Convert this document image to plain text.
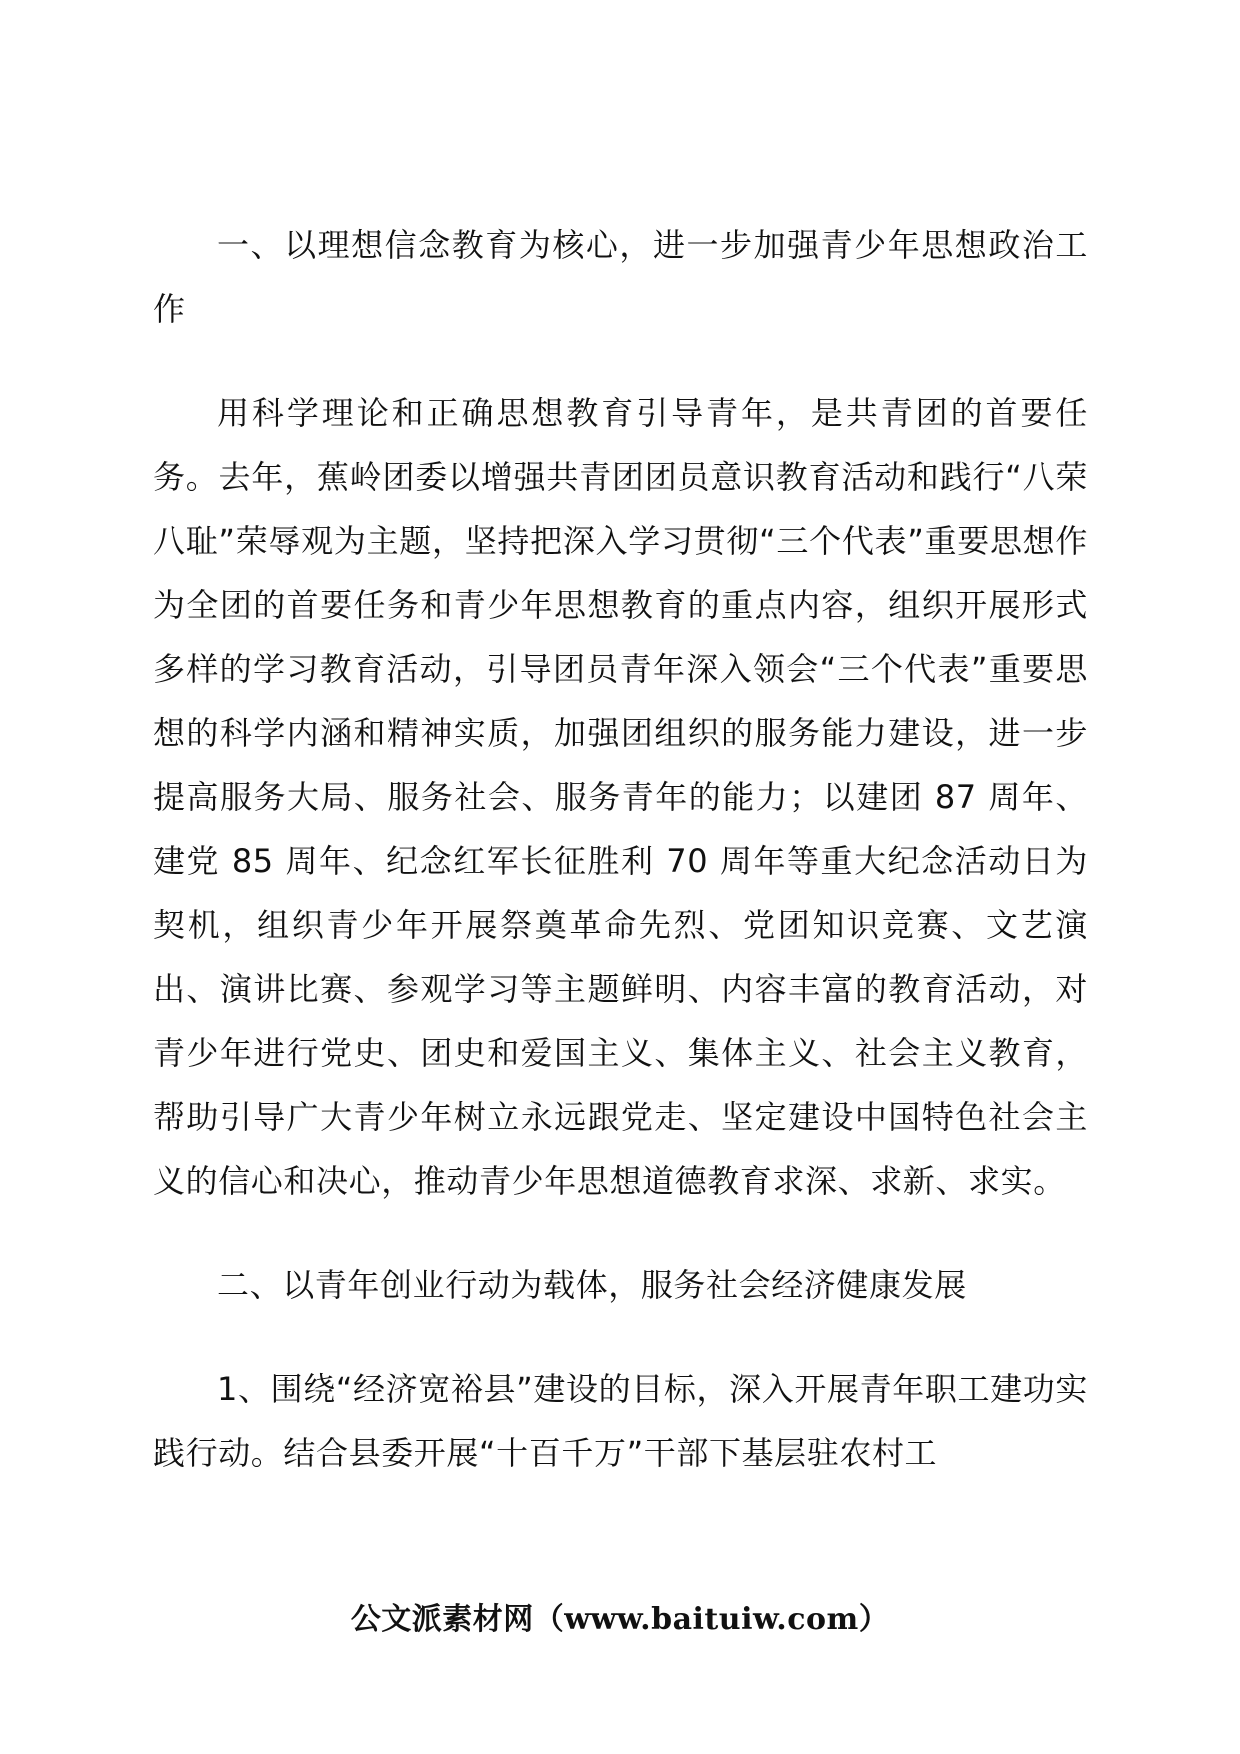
一、以理想信念教育为核心，进一步加强青少年思想政治工作

用科学理论和正确思想教育引导青年，是共青团的首要任务。去年，蕉岭团委以增强共青团团员意识教育活动和践行“八荣八耻”荣辱观为主题，坚持把深入学习贯彻“三个代表”重要思想作为全团的首要任务和青少年思想教育的重点内容，组织开展形式多样的学习教育活动，引导团员青年深入领会“三个代表”重要思想的科学内涵和精神实质，加强团组织的服务能力建设，进一步提高服务大局、服务社会、服务青年的能力；以建团 87 周年、 建党 85 周年、纪念红军长征胜利 70 周年等重大纪念活动日为契机，组织青少年开展祭奠革命先烈、党团知识竞赛、文艺演出、演讲比赛、参观学习等主题鲜明、内容丰富的教育活动，对青少年进行党史、团史和爱国主义、集体主义、社会主义教育，帮助引导广大青少年树立永远跟党走、坚定建设中国特色社会主义的信心和决心，推动青少年思想道德教育求深、求新、求实。

二、以青年创业行动为载体，服务社会经济健康发展

1、围绕“经济宽裕县”建设的目标，深入开展青年职工建功实践行动。结合县委开展“十百千万”干部下基层驻农村工

公文派素材网（www.baituiw.com）
